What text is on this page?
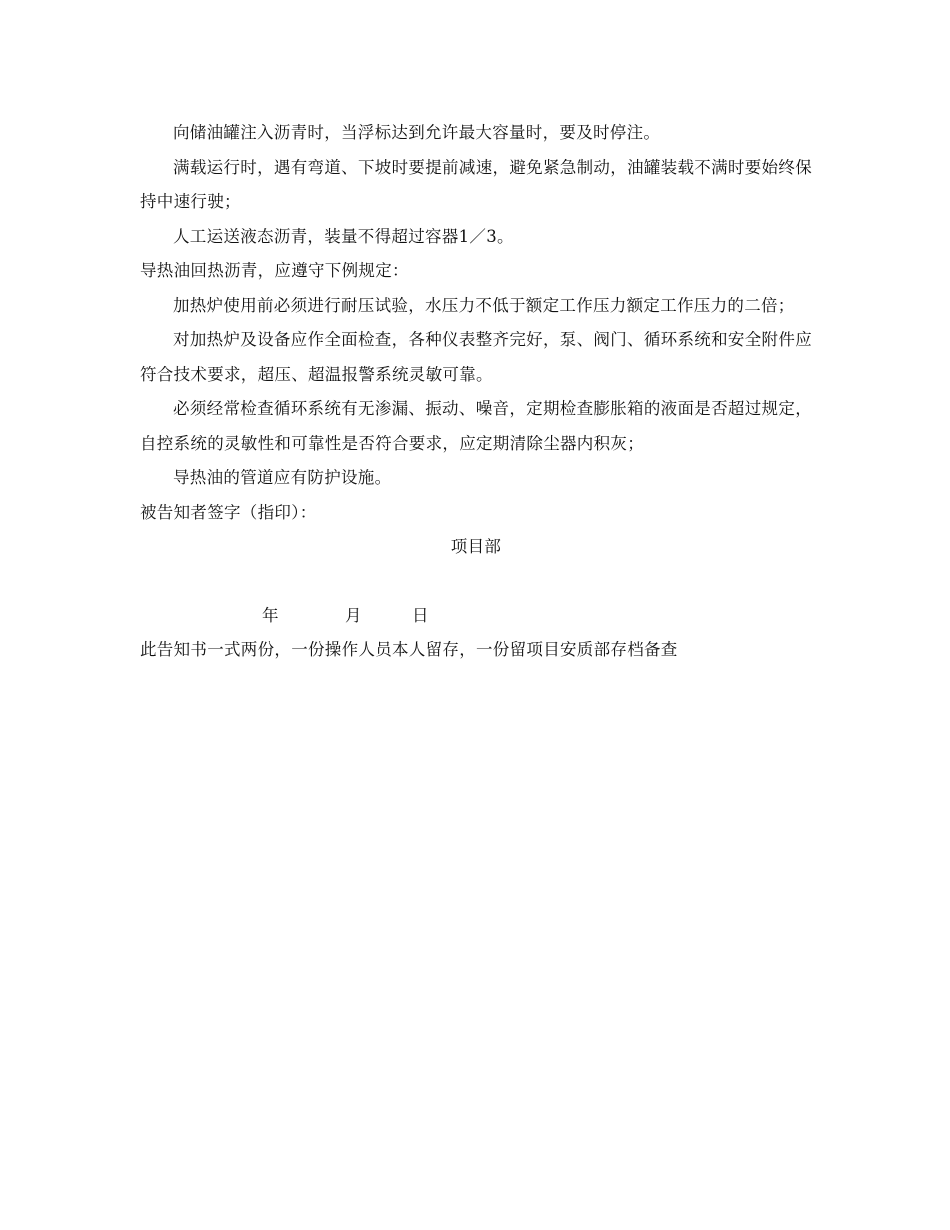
向储油罐注入沥青时，当浮标达到允许最大容量时，要及时停注。

满载运行时，遇有弯道、下坡时要提前减速，避免紧急制动，油罐装载不满时要始终保持中速行驶；

人工运送液态沥青，装量不得超过容器1／3。

导热油回热沥青，应遵守下例规定：

加热炉使用前必须进行耐压试验，水压力不低于额定工作压力额定工作压力的二倍；

对加热炉及设备应作全面检查，各种仪表整齐完好，泵、阀门、循环系统和安全附件应符合技术要求，超压、超温报警系统灵敏可靠。

必须经常检查循环系统有无渗漏、振动、噪音，定期检查膨胀箱的液面是否超过规定，自控系统的灵敏性和可靠性是否符合要求，应定期清除尘器内积灰；

导热油的管道应有防护设施。

被告知者签字（指印）：

项目部

年	月	日

此告知书一式两份，一份操作人员本人留存，一份留项目安质部存档备查
